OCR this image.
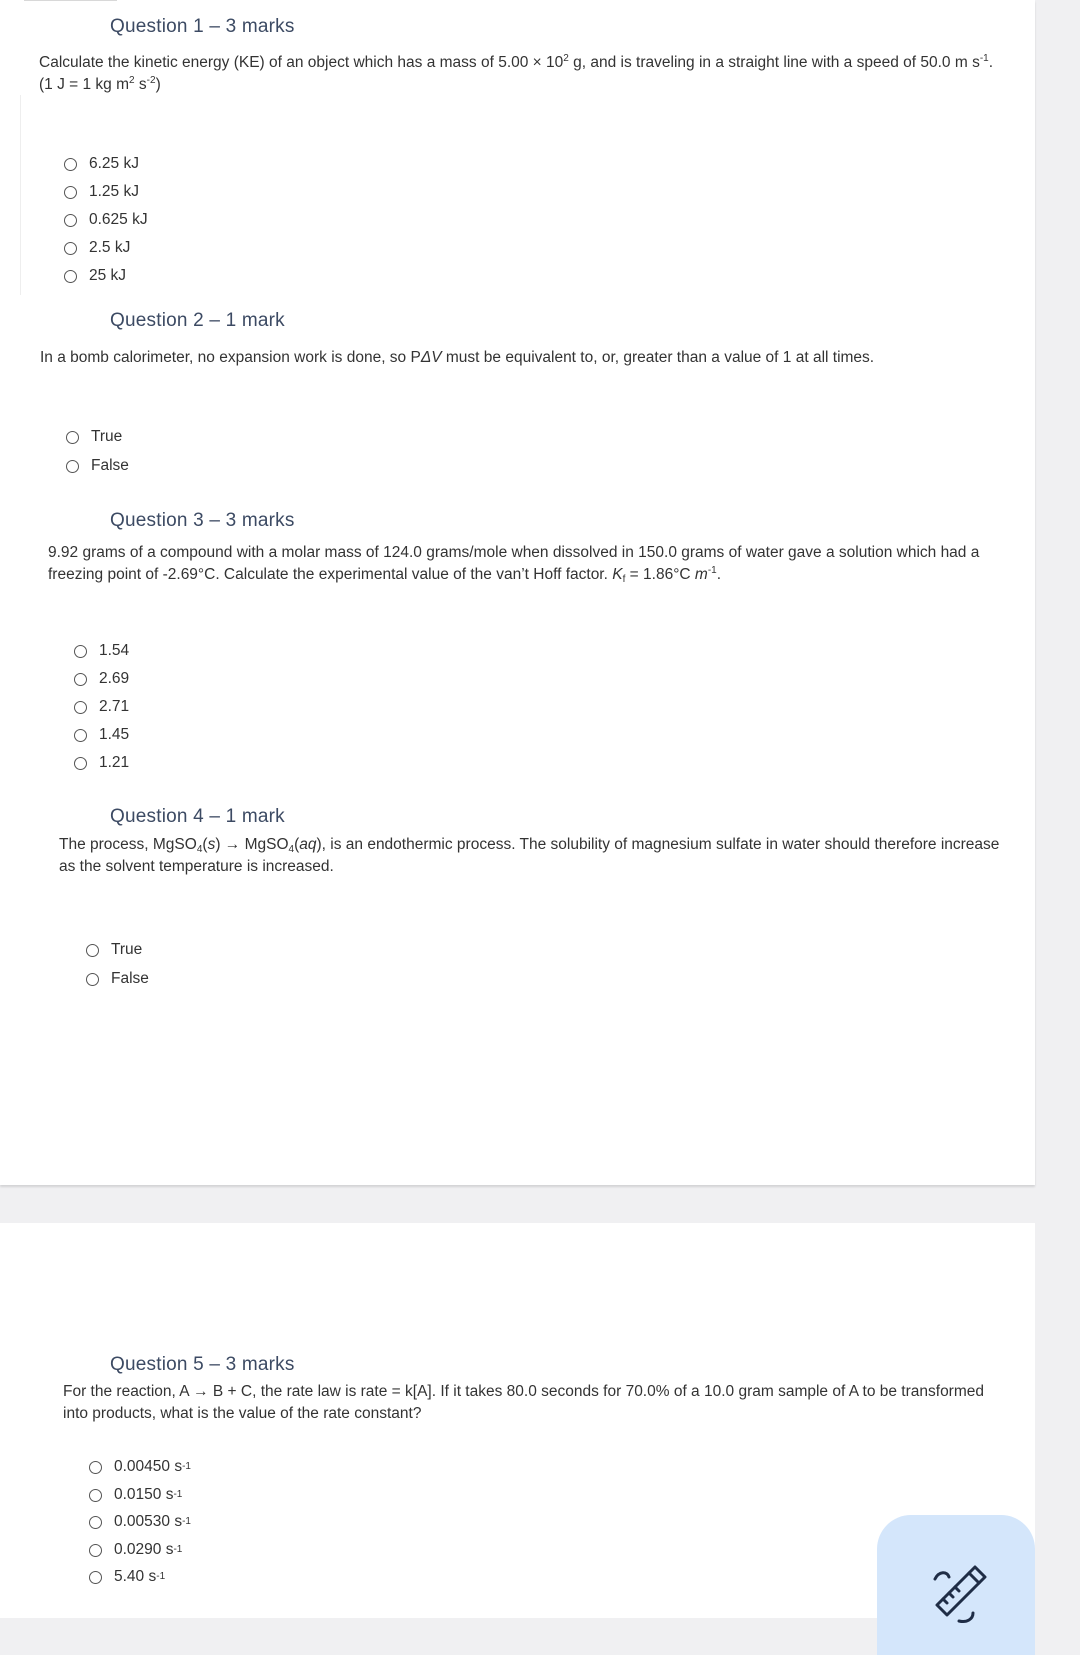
Question 1 – 3 marks
Calculate the kinetic energy (KE) of an object which has a mass of $5.00 \times 10^2$ g, and is traveling in a straight line with a speed of 50.0 m $s^{-1}$. (1 J = 1 kg $m^2$ $s^{-2}$)
6.25 kJ
1.25 kJ
0.625 kJ
2.5 kJ
25 kJ
Question 2 – 1 mark
In a bomb calorimeter, no expansion work is done, so PΔV must be equivalent to, or, greater than a value of 1 at all times.
True
False
Question 3 – 3 marks
9.92 grams of a compound with a molar mass of 124.0 grams/mole when dissolved in 150.0 grams of water gave a solution which had a freezing point of -2.69°C. Calculate the experimental value of the van’t Hoff factor. $K_f = 1.86^\circ C$ $m^{-1}$.
1.54
2.69
2.71
1.45
1.21
Question 4 – 1 mark
The process, MgSO$_4$(s) → MgSO$_4$(aq), is an endothermic process. The solubility of magnesium sulfate in water should therefore increase as the solvent temperature is increased.
True
False
Question 5 – 3 marks
For the reaction, A → B + C, the rate law is rate = k[A]. If it takes 80.0 seconds for 70.0% of a 10.0 gram sample of A to be transformed into products, what is the value of the rate constant?
0.00450 s -1
0.0150 s -1
0.00530 s -1
0.0290 s -1
5.40 s -1
